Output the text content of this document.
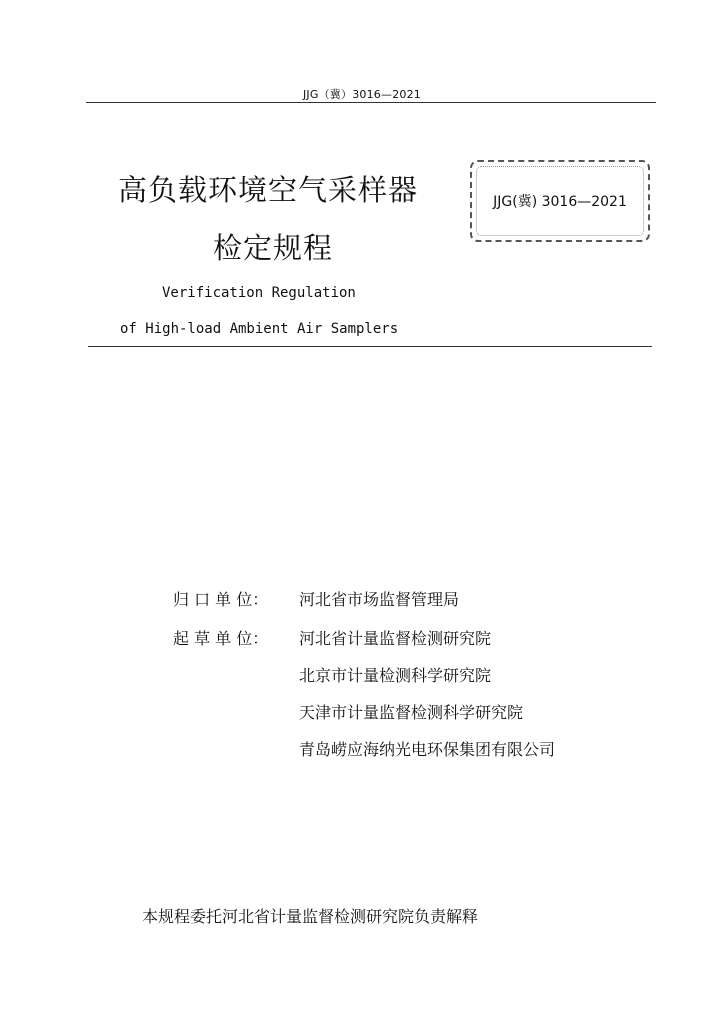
JJG（冀）3016—2021
高负载环境空气采样器
检定规程
JJG(冀) 3016—2021
Verification Regulation
of High-load Ambient Air Samplers
归 口 单 位： 河北省市场监督管理局
起 草 单 位： 河北省计量监督检测研究院
北京市计量检测科学研究院
天津市计量监督检测科学研究院
青岛崂应海纳光电环保集团有限公司
本规程委托河北省计量监督检测研究院负责解释
